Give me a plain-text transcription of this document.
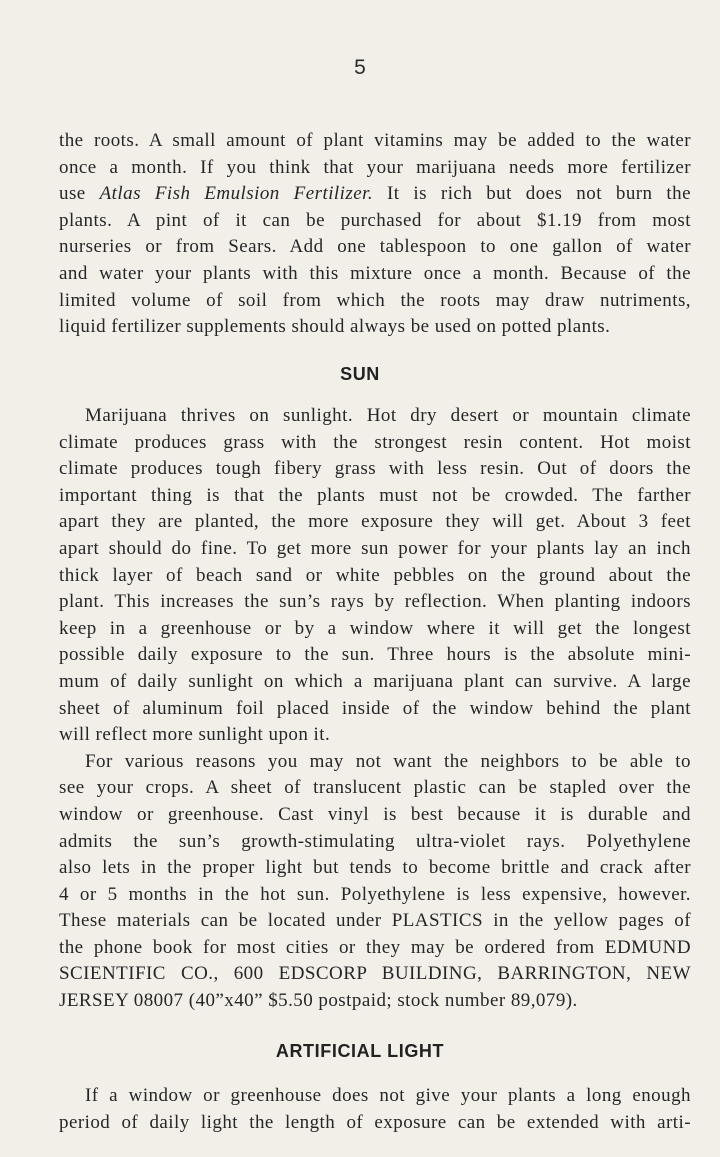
5
the roots. A small amount of plant vitamins may be added to the water
once a month. If you think that your marijuana needs more fertilizer
use Atlas Fish Emulsion Fertilizer. It is rich but does not burn the
plants. A pint of it can be purchased for about $1.19 from most
nurseries or from Sears. Add one tablespoon to one gallon of water
and water your plants with this mixture once a month. Because of the
limited volume of soil from which the roots may draw nutriments,
liquid fertilizer supplements should always be used on potted plants.
SUN
Marijuana thrives on sunlight. Hot dry desert or mountain climate
climate produces grass with the strongest resin content. Hot moist
climate produces tough fibery grass with less resin. Out of doors the
important thing is that the plants must not be crowded. The farther
apart they are planted, the more exposure they will get. About 3 feet
apart should do fine. To get more sun power for your plants lay an inch
thick layer of beach sand or white pebbles on the ground about the
plant. This increases the sun’s rays by reflection. When planting indoors
keep in a greenhouse or by a window where it will get the longest
possible daily exposure to the sun. Three hours is the absolute mini-
mum of daily sunlight on which a marijuana plant can survive. A large
sheet of aluminum foil placed inside of the window behind the plant
will reflect more sunlight upon it.
For various reasons you may not want the neighbors to be able to
see your crops. A sheet of translucent plastic can be stapled over the
window or greenhouse. Cast vinyl is best because it is durable and
admits the sun’s growth-stimulating ultra-violet rays. Polyethylene
also lets in the proper light but tends to become brittle and crack after
4 or 5 months in the hot sun. Polyethylene is less expensive, however.
These materials can be located under PLASTICS in the yellow pages of
the phone book for most cities or they may be ordered from EDMUND
SCIENTIFIC CO., 600 EDSCORP BUILDING, BARRINGTON, NEW
JERSEY 08007 (40”x40” $5.50 postpaid; stock number 89,079).
ARTIFICIAL LIGHT
If a window or greenhouse does not give your plants a long enough
period of daily light the length of exposure can be extended with arti-
